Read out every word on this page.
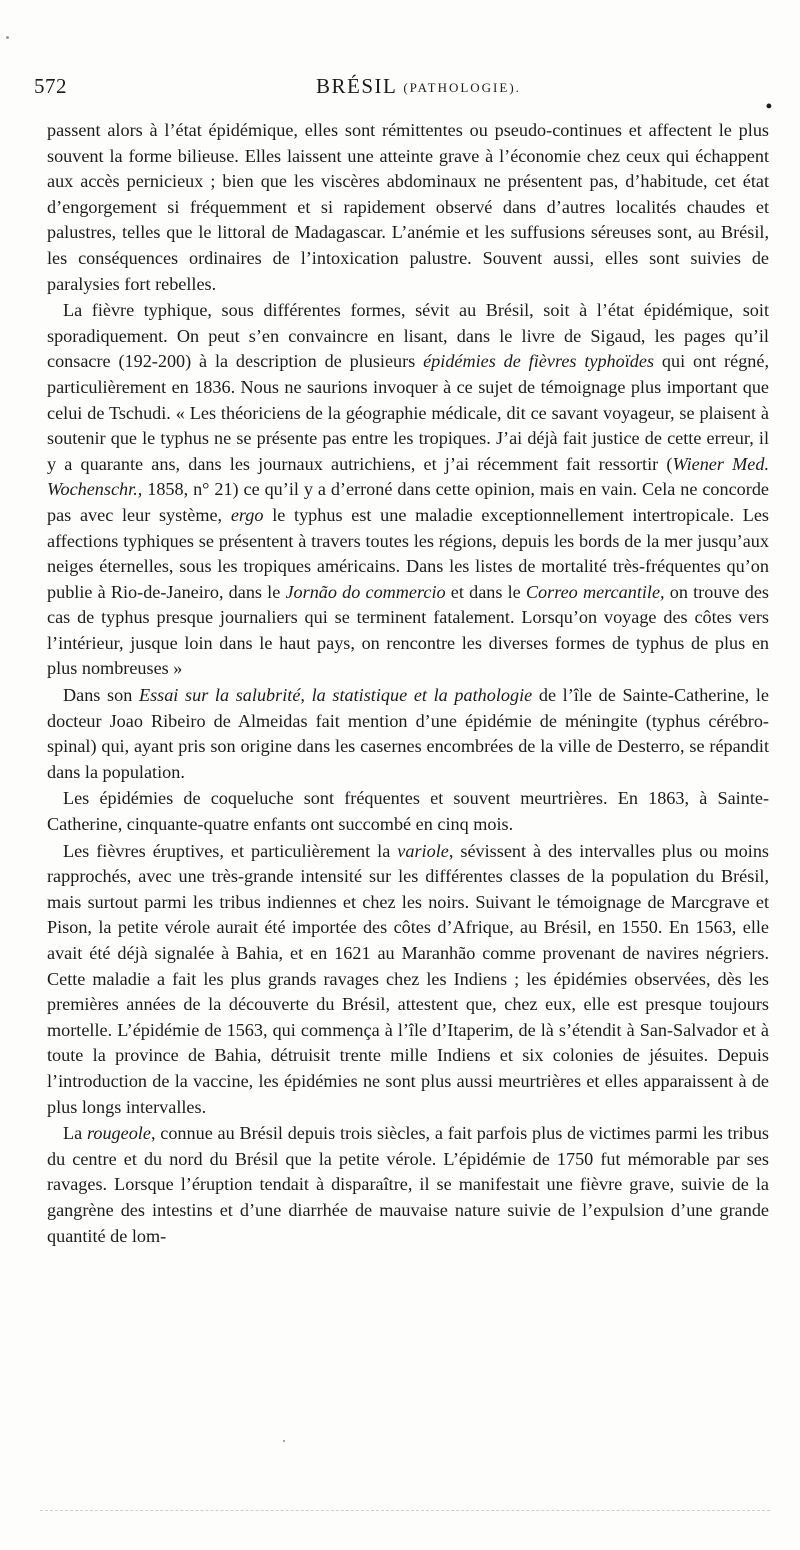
572	BRÉSIL (PATHOLOGIE).
•

passent alors à l’état épidémique, elles sont rémittentes ou pseudo-continues et affectent le plus souvent la forme bilieuse. Elles laissent une atteinte grave à l’économie chez ceux qui échappent aux accès pernicieux ; bien que les viscères abdominaux ne présentent pas, d’habitude, cet état d’engorgement si fréquemment et si rapidement observé dans d’autres localités chaudes et palustres, telles que le littoral de Madagascar. L’anémie et les suffusions séreuses sont, au Brésil, les conséquences ordinaires de l’intoxication palustre. Souvent aussi, elles sont suivies de paralysies fort rebelles.

La fièvre typhique, sous différentes formes, sévit au Brésil, soit à l’état épidémique, soit sporadiquement. On peut s’en convaincre en lisant, dans le livre de Sigaud, les pages qu’il consacre (192-200) à la description de plusieurs épidémies de fièvres typhoïdes qui ont régné, particulièrement en 1836. Nous ne saurions invoquer à ce sujet de témoignage plus important que celui de Tschudi. « Les théoriciens de la géographie médicale, dit ce savant voyageur, se plaisent à soutenir que le typhus ne se présente pas entre les tropiques. J’ai déjà fait justice de cette erreur, il y a quarante ans, dans les journaux autrichiens, et j’ai récemment fait ressortir (Wiener Med. Wochenschr., 1858, n° 21) ce qu’il y a d’erroné dans cette opinion, mais en vain. Cela ne concorde pas avec leur système, ergo le typhus est une maladie exceptionnellement intertropicale. Les affections typhiques se présentent à travers toutes les régions, depuis les bords de la mer jusqu’aux neiges éternelles, sous les tropiques américains. Dans les listes de mortalité très-fréquentes qu’on publie à Rio-de-Janeiro, dans le Jornão do commercio et dans le Correo mercantile, on trouve des cas de typhus presque journaliers qui se terminent fatalement. Lorsqu’on voyage des côtes vers l’intérieur, jusque loin dans le haut pays, on rencontre les diverses formes de typhus de plus en plus nombreuses »

Dans son Essai sur la salubrité, la statistique et la pathologie de l’île de Sainte-Catherine, le docteur Joao Ribeiro de Almeidas fait mention d’une épidémie de méningite (typhus cérébro-spinal) qui, ayant pris son origine dans les casernes encombrées de la ville de Desterro, se répandit dans la population.

Les épidémies de coqueluche sont fréquentes et souvent meurtrières. En 1863, à Sainte-Catherine, cinquante-quatre enfants ont succombé en cinq mois.

Les fièvres éruptives, et particulièrement la variole, sévissent à des intervalles plus ou moins rapprochés, avec une très-grande intensité sur les différentes classes de la population du Brésil, mais surtout parmi les tribus indiennes et chez les noirs. Suivant le témoignage de Marcgrave et Pison, la petite vérole aurait été importée des côtes d’Afrique, au Brésil, en 1550. En 1563, elle avait été déjà signalée à Bahia, et en 1621 au Maranhão comme provenant de navires négriers. Cette maladie a fait les plus grands ravages chez les Indiens ; les épidémies observées, dès les premières années de la découverte du Brésil, attestent que, chez eux, elle est presque toujours mortelle. L’épidémie de 1563, qui commença à l’île d’Itaperim, de là s’étendit à San-Salvador et à toute la province de Bahia, détruisit trente mille Indiens et six colonies de jésuites. Depuis l’introduction de la vaccine, les épidémies ne sont plus aussi meurtrières et elles apparaissent à de plus longs intervalles.

La rougeole, connue au Brésil depuis trois siècles, a fait parfois plus de victimes parmi les tribus du centre et du nord du Brésil que la petite vérole. L’épidémie de 1750 fut mémorable par ses ravages. Lorsque l’éruption tendait à disparaître, il se manifestait une fièvre grave, suivie de la gangrène des intestins et d’une diarrhée de mauvaise nature suivie de l’expulsion d’une grande quantité de lom-
